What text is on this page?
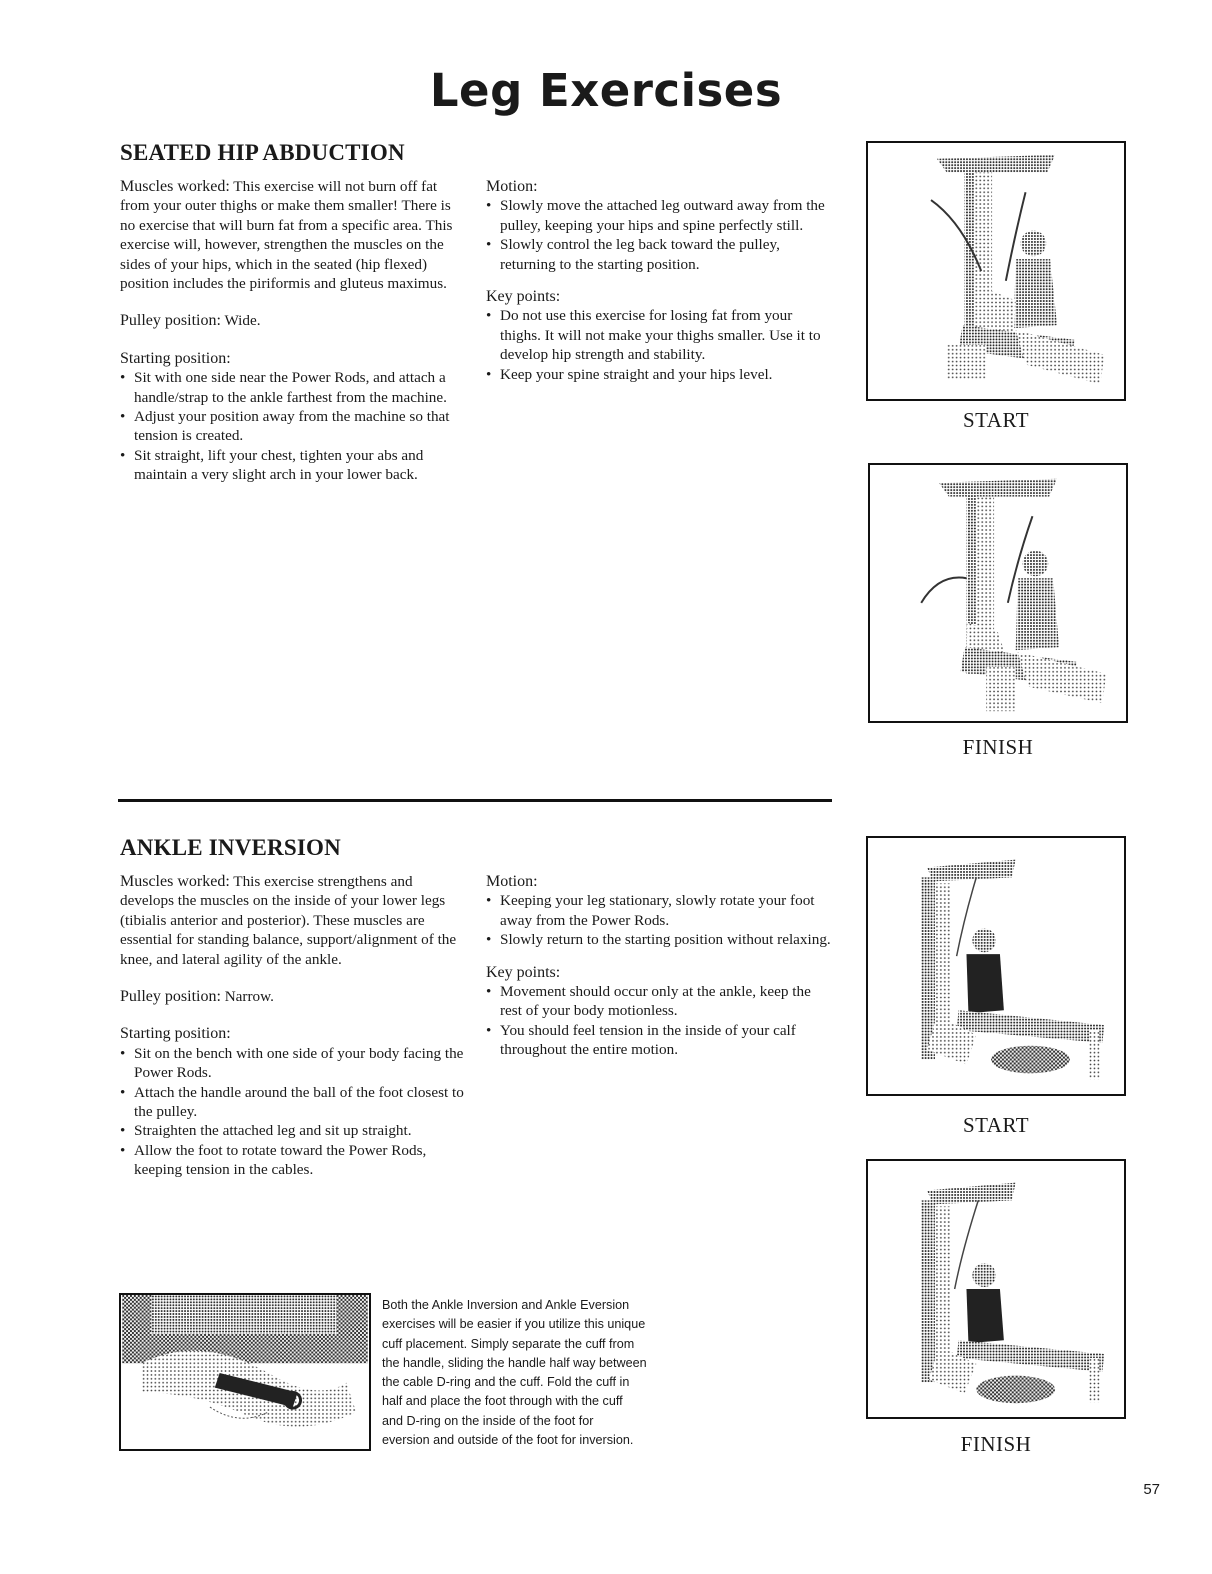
Leg Exercises
SEATED HIP ABDUCTION

Muscles worked: This exercise will not burn off fat from your outer thighs or make them smaller! There is no exercise that will burn fat from a specific area. This exercise will, however, strengthen the muscles on the sides of your hips, which in the seated (hip flexed) position includes the piriformis and gluteus maximus.

Pulley position: Wide.

Starting position:

• Sit with one side near the Power Rods, and attach a handle/strap to the ankle farthest from the machine.
• Adjust your position away from the machine so that tension is created.
• Sit straight, lift your chest, tighten your abs and maintain a very slight arch in your lower back.

Motion:

• Slowly move the attached leg outward away from the pulley, keeping your hips and spine perfectly still.
• Slowly control the leg back toward the pulley, returning to the starting position.

Key points:

• Do not use this exercise for losing fat from your thighs. It will not make your thighs smaller. Use it to develop hip strength and stability.
• Keep your spine straight and your hips level.
START
FINISH
ANKLE INVERSION

Muscles worked: This exercise strengthens and develops the muscles on the inside of your lower legs (tibialis anterior and posterior). These muscles are essential for standing balance, support/alignment of the knee, and lateral agility of the ankle.

Pulley position: Narrow.

Starting position:

• Sit on the bench with one side of your body facing the Power Rods.
• Attach the handle around the ball of the foot closest to the pulley.
• Straighten the attached leg and sit up straight.
• Allow the foot to rotate toward the Power Rods, keeping tension in the cables.

Motion:

• Keeping your leg stationary, slowly rotate your foot away from the Power Rods.
• Slowly return to the starting position without relaxing.

Key points:

• Movement should occur only at the ankle, keep the rest of your body motionless.
• You should feel tension in the inside of your calf throughout the entire motion.
START
FINISH
Both the Ankle Inversion and Ankle Eversion
exercises will be easier if you utilize this unique
cuff placement. Simply separate the cuff from
the handle, sliding the handle half way between
the cable D-ring and the cuff. Fold the cuff in
half and place the foot through with the cuff
and D-ring on the inside of the foot for
eversion and outside of the foot for inversion.
57
